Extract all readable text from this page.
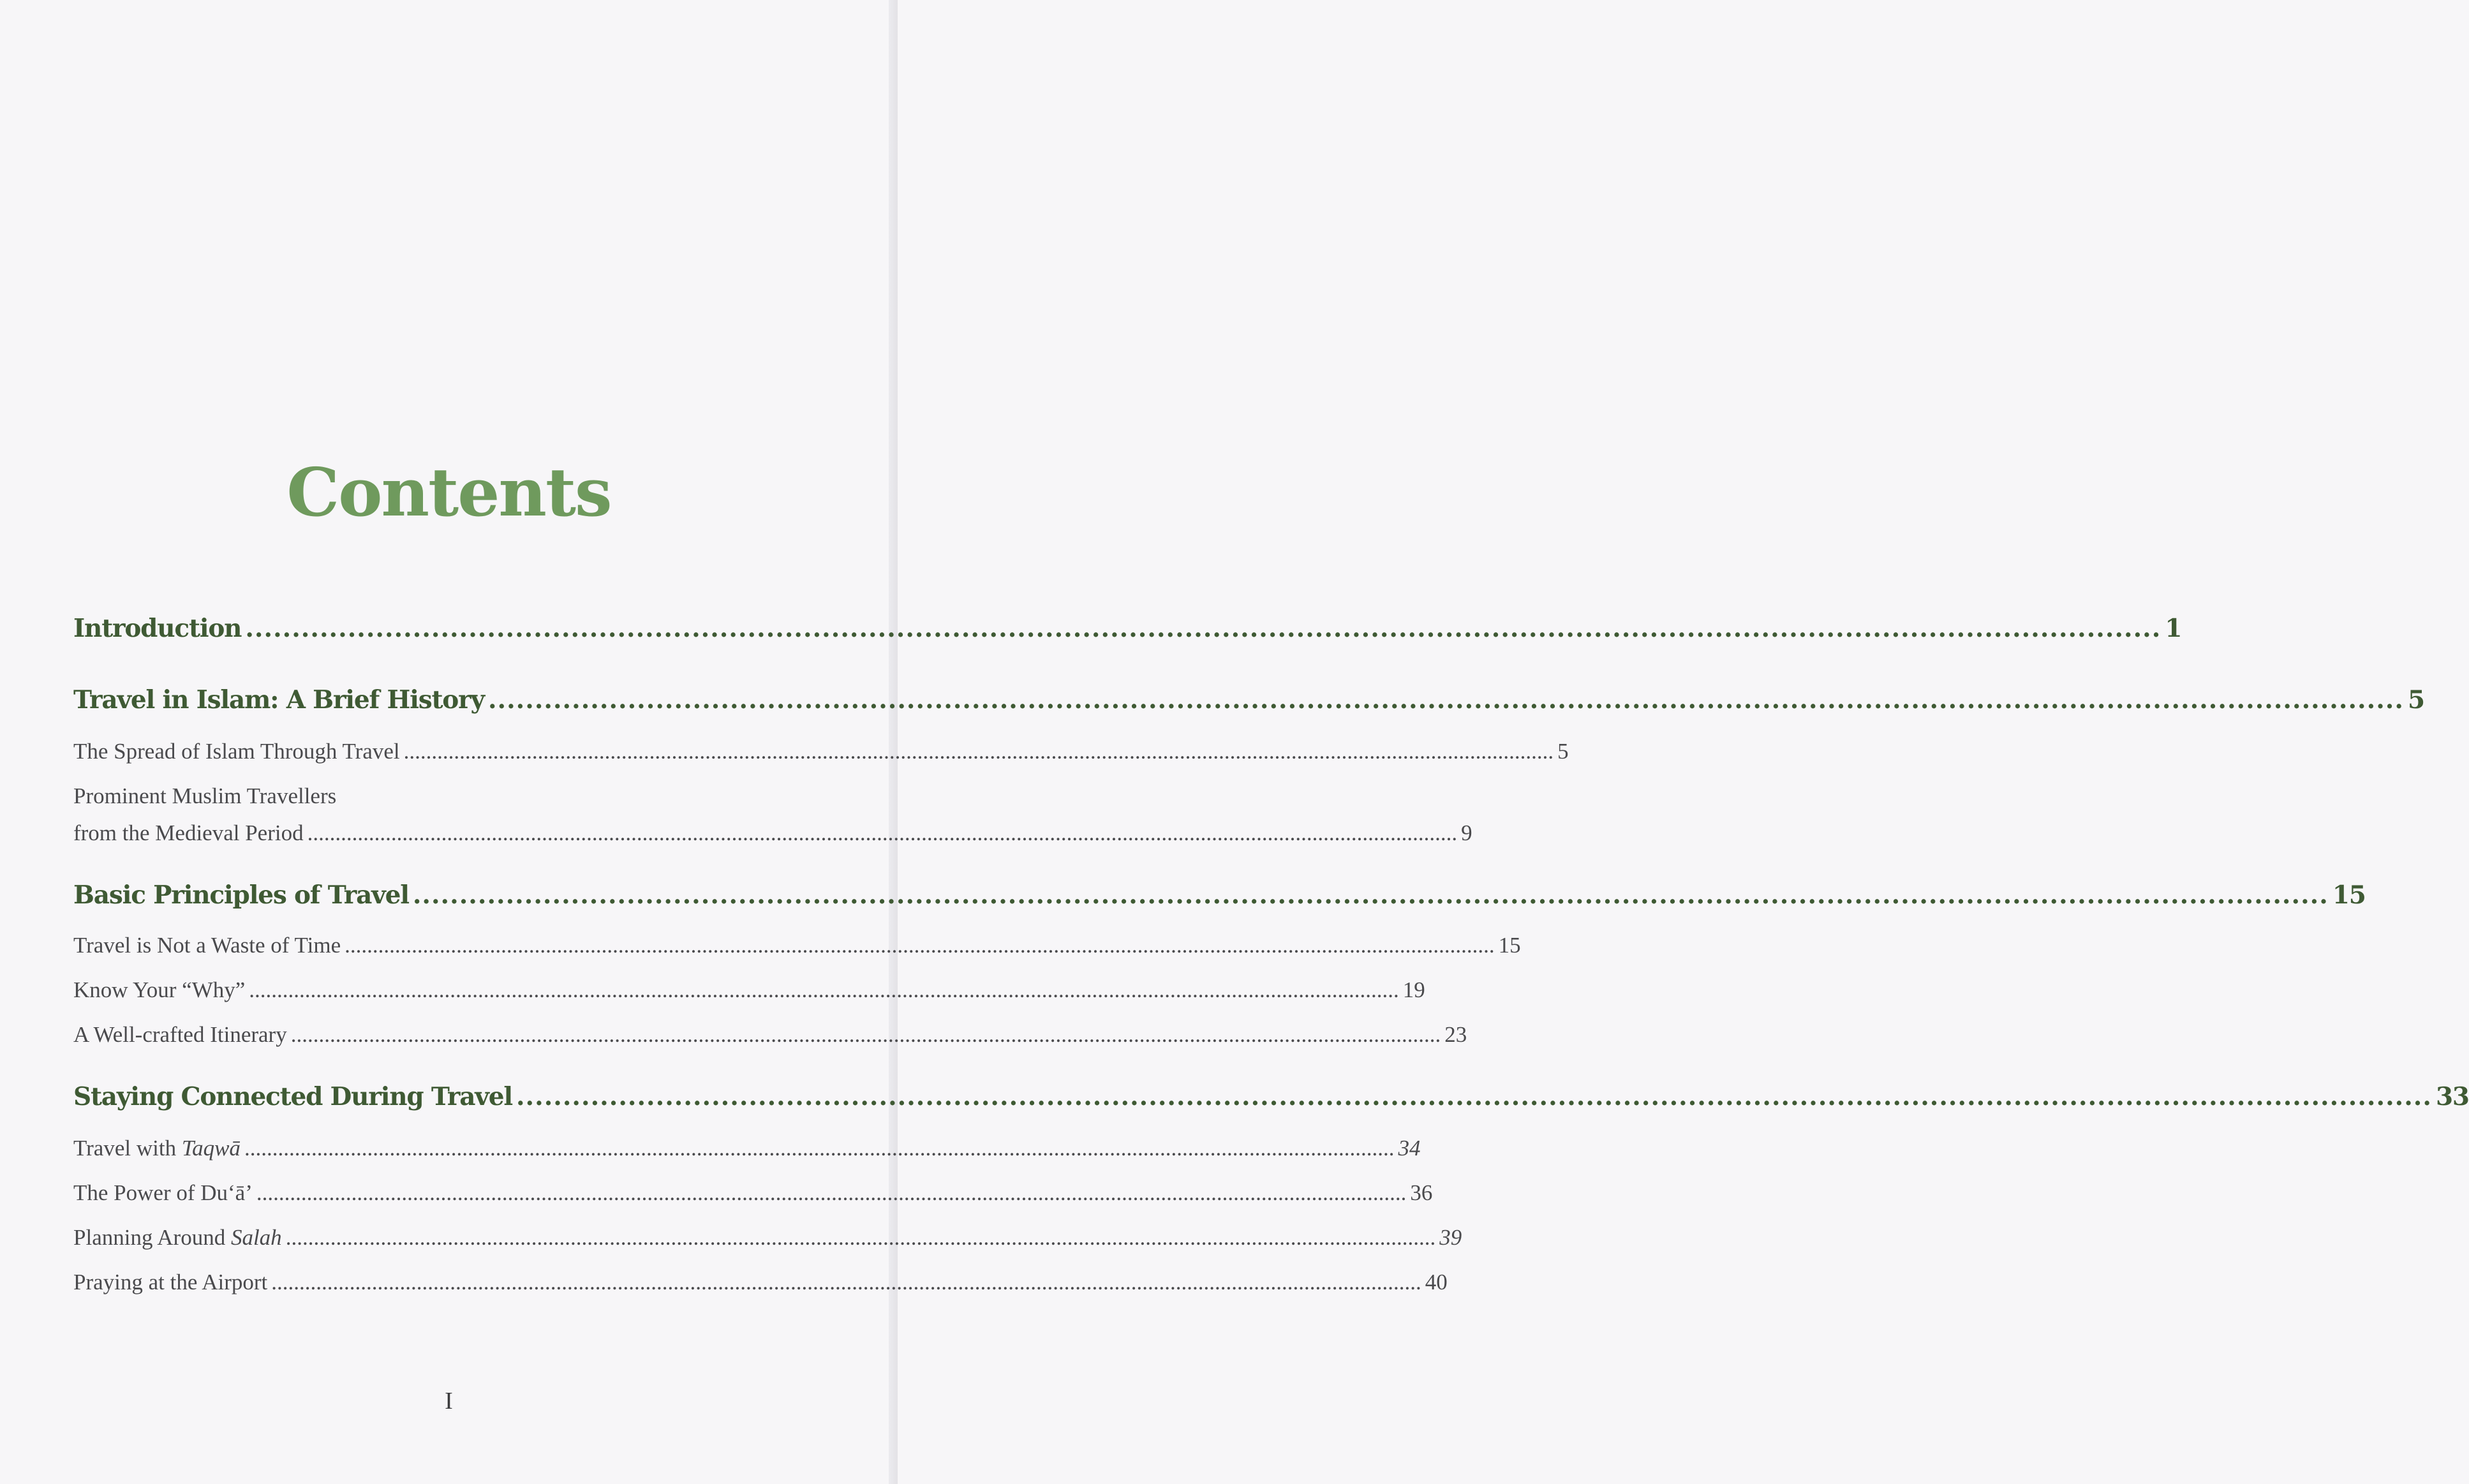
Contents
Introduction .............................................................................................................................................................................................................. 1
Travel in Islam: A Brief History .............................................................................................................................................................................................................. 5
The Spread of Islam Through Travel .............................................................................................................................................................................................................. 5
Prominent Muslim Travellers
from the Medieval Period .............................................................................................................................................................................................................. 9
Basic Principles of Travel .............................................................................................................................................................................................................. 15
Travel is Not a Waste of Time .............................................................................................................................................................................................................. 15
Know Your “Why” .............................................................................................................................................................................................................. 19
A Well-crafted Itinerary .............................................................................................................................................................................................................. 23
Staying Connected During Travel .............................................................................................................................................................................................................. 33
Travel with Taqwā .............................................................................................................................................................................................................. 34
The Power of Du‘ā’ .............................................................................................................................................................................................................. 36
Planning Around Salah .............................................................................................................................................................................................................. 39
Praying at the Airport .............................................................................................................................................................................................................. 40
I
